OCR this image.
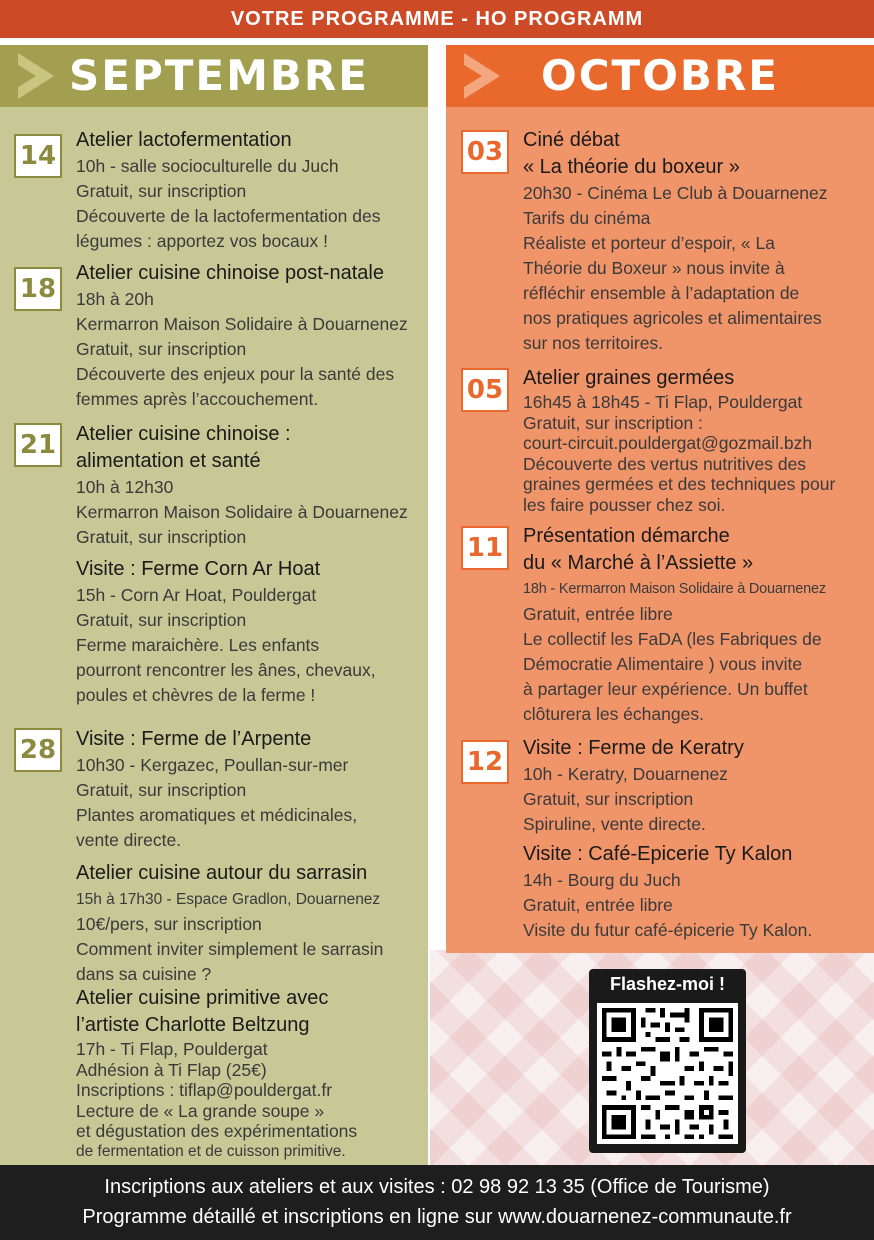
VOTRE PROGRAMME - HO PROGRAMM
SEPTEMBRE
14
Atelier lactofermentation
10h - salle socioculturelle du Juch
Gratuit, sur inscription
Découverte de la lactofermentation des
légumes : apportez vos bocaux !
18
Atelier cuisine chinoise post-natale
18h à 20h
Kermarron Maison Solidaire à Douarnenez
Gratuit, sur inscription
Découverte des enjeux pour la santé des
femmes après l’accouchement.
21 Atelier cuisine chinoise :
alimentation et santé
10h à 12h30
Kermarron Maison Solidaire à Douarnenez
Gratuit, sur inscription
Visite : Ferme Corn Ar Hoat
15h - Corn Ar Hoat, Pouldergat
Gratuit, sur inscription
Ferme maraichère. Les enfants
pourront rencontrer les ânes, chevaux,
poules et chèvres de la ferme !
28 Visite : Ferme de l’Arpente
10h30 - Kergazec, Poullan-sur-mer
Gratuit, sur inscription
Plantes aromatiques et médicinales,
vente directe.
Atelier cuisine autour du sarrasin
15h à 17h30 - Espace Gradlon, Douarnenez
10€/pers, sur inscription
Comment inviter simplement le sarrasin
dans sa cuisine ?
Atelier cuisine primitive avec
l’artiste Charlotte Beltzung
17h - Ti Flap, Pouldergat
Adhésion à Ti Flap (25€)
Inscriptions : tiflap@pouldergat.fr
Lecture de « La grande soupe »
et dégustation des expérimentations
de fermentation et de cuisson primitive.
OCTOBRE
03 Ciné débat
« La théorie du boxeur »
20h30 - Cinéma Le Club à Douarnenez
Tarifs du cinéma
Réaliste et porteur d’espoir, « La
Théorie du Boxeur » nous invite à
réfléchir ensemble à l’adaptation de
nos pratiques agricoles et alimentaires
sur nos territoires.
05 Atelier graines germées
16h45 à 18h45 - Ti Flap, Pouldergat
Gratuit, sur inscription :
court-circuit.pouldergat@gozmail.bzh
Découverte des vertus nutritives des
graines germées et des techniques pour
les faire pousser chez soi.
11 Présentation démarche
du « Marché à l’Assiette »
18h - Kermarron Maison Solidaire à Douarnenez
Gratuit, entrée libre
Le collectif les FaDA (les Fabriques de
Démocratie Alimentaire ) vous invite
à partager leur expérience. Un buffet
clôturera les échanges.
12 Visite : Ferme de Keratry
10h - Keratry, Douarnenez
Gratuit, sur inscription
Spiruline, vente directe.
Visite : Café-Epicerie Ty Kalon
14h - Bourg du Juch
Gratuit, entrée libre
Visite du futur café-épicerie Ty Kalon.
Flashez-moi !
Inscriptions aux ateliers et aux visites : 02 98 92 13 35 (Office de Tourisme)
Programme détaillé et inscriptions en ligne sur www.douarnenez-communaute.fr
